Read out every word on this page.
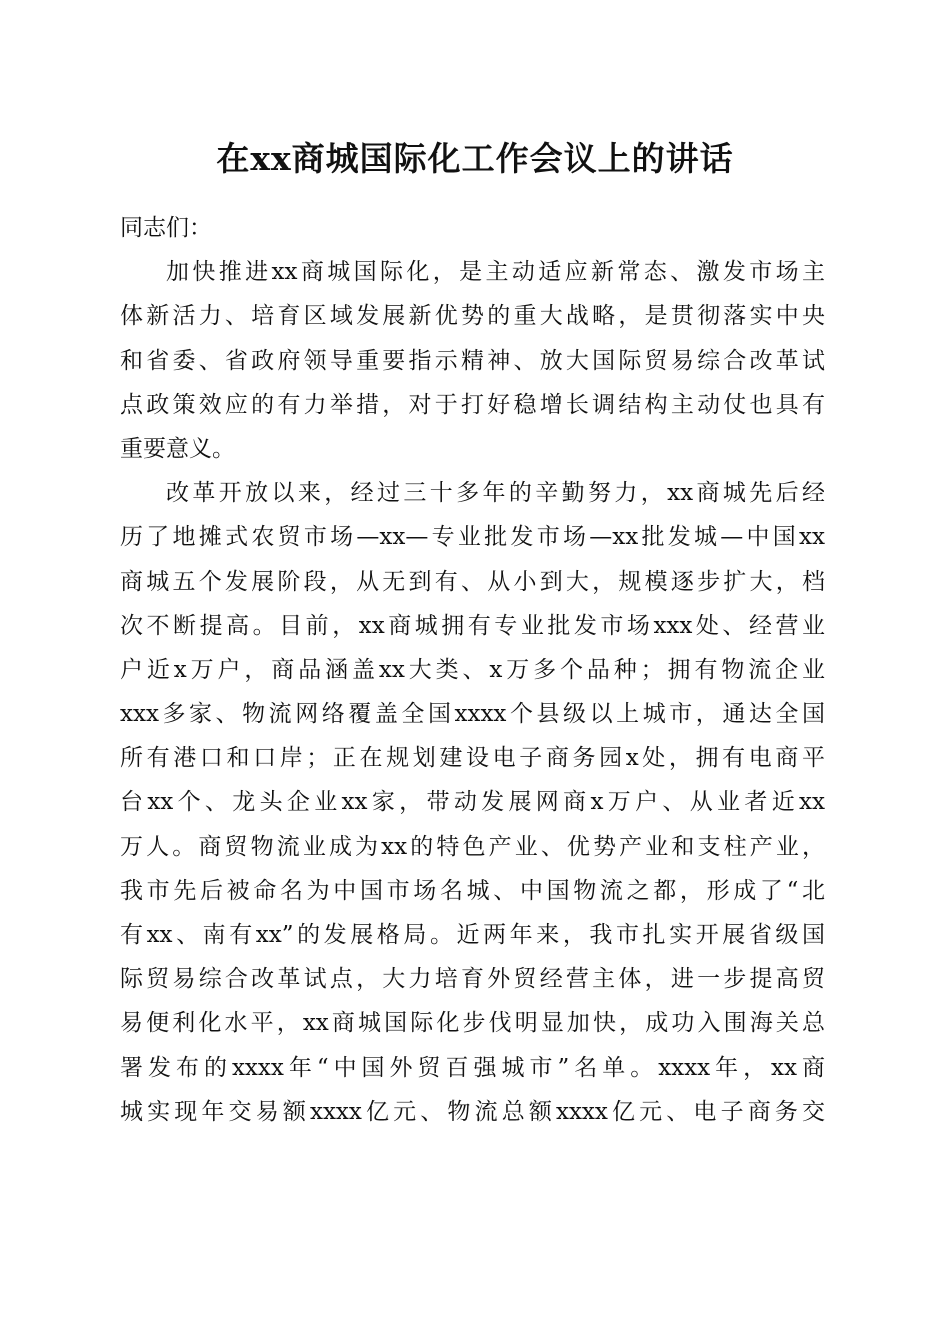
在xx商城国际化工作会议上的讲话
同志们：
加快推进xx商城国际化，是主动适应新常态、激发市场主
体新活力、培育区域发展新优势的重大战略，是贯彻落实中央
和省委、省政府领导重要指示精神、放大国际贸易综合改革试
点政策效应的有力举措，对于打好稳增长调结构主动仗也具有
重要意义。
改革开放以来，经过三十多年的辛勤努力，xx商城先后经
历了地摊式农贸市场—xx—专业批发市场—xx批发城—中国xx
商城五个发展阶段，从无到有、从小到大，规模逐步扩大，档
次不断提高。目前，xx商城拥有专业批发市场xxx处、经营业
户近x万户，商品涵盖xx大类、x万多个品种；拥有物流企业
xxx多家、物流网络覆盖全国xxxx个县级以上城市，通达全国
所有港口和口岸；正在规划建设电子商务园x处，拥有电商平
台xx个、龙头企业xx家，带动发展网商x万户、从业者近xx
万人。商贸物流业成为xx的特色产业、优势产业和支柱产业，
我市先后被命名为中国市场名城、中国物流之都，形成了“北
有xx、南有xx”的发展格局。近两年来，我市扎实开展省级国
际贸易综合改革试点，大力培育外贸经营主体，进一步提高贸
易便利化水平，xx商城国际化步伐明显加快，成功入围海关总
署发布的xxxx年“中国外贸百强城市”名单。xxxx年，xx商
城实现年交易额xxxx亿元、物流总额xxxx亿元、电子商务交
